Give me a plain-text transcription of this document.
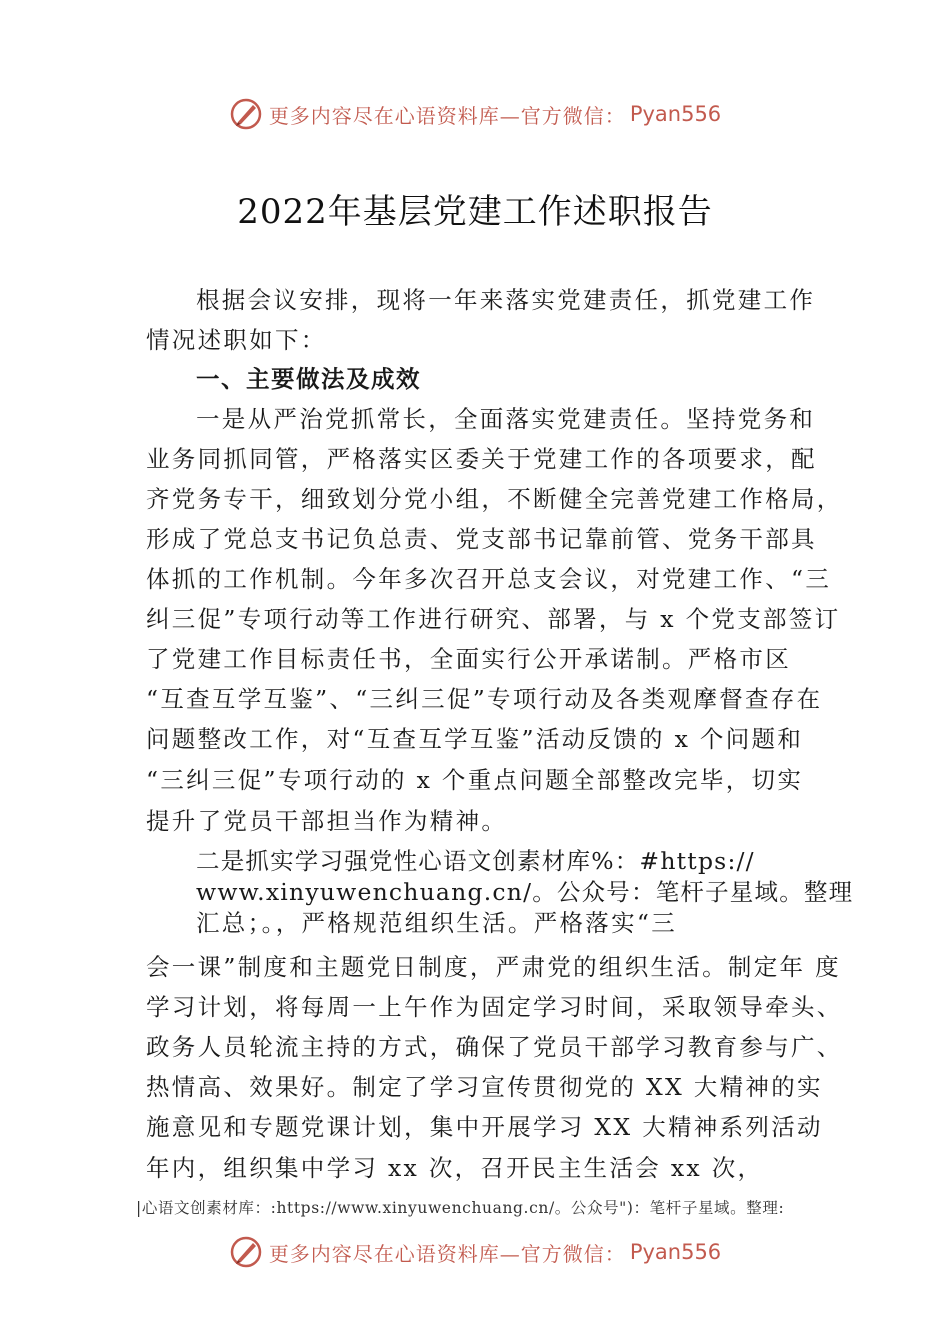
更多内容尽在心语资料库—官方微信： Pyan556
2022年基层党建工作述职报告
根据会议安排，现将一年来落实党建责任，抓党建工作
情况述职如下：
一、主要做法及成效
一是从严治党抓常长，全面落实党建责任。坚持党务和
业务同抓同管，严格落实区委关于党建工作的各项要求，配
齐党务专干，细致划分党小组，不断健全完善党建工作格局，
形成了党总支书记负总责、党支部书记靠前管、党务干部具
体抓的工作机制。今年多次召开总支会议，对党建工作、“三
纠三促”专项行动等工作进行研究、部署，与 x 个党支部签订
了党建工作目标责任书，全面实行公开承诺制。严格市区
“互查互学互鉴”、“三纠三促”专项行动及各类观摩督查存在
问题整改工作，对“互查互学互鉴”活动反馈的 x 个问题和
“三纠三促”专项行动的 x 个重点问题全部整改完毕，切实
提升了党员干部担当作为精神。
二是抓实学习强党性心语文创素材库%：#https://
www.xinyuwenchuang.cn/。公众号：笔杆子星域。整理
汇总；。，严格规范组织生活。严格落实“三
会一课”制度和主题党日制度，严肃党的组织生活。制定年 度
学习计划，将每周一上午作为固定学习时间，采取领导牵头、
政务人员轮流主持的方式，确保了党员干部学习教育参与广、
热情高、效果好。制定了学习宣传贯彻党的 XX 大精神的实
施意见和专题党课计划，集中开展学习 XX 大精神系列活动
年内，组织集中学习 xx 次，召开民主生活会 xx 次，
|心语文创素材库：:https://www.xinyuwenchuang.cn/。公众号")：笔杆子星域。整理:
更多内容尽在心语资料库—官方微信： Pyan556
